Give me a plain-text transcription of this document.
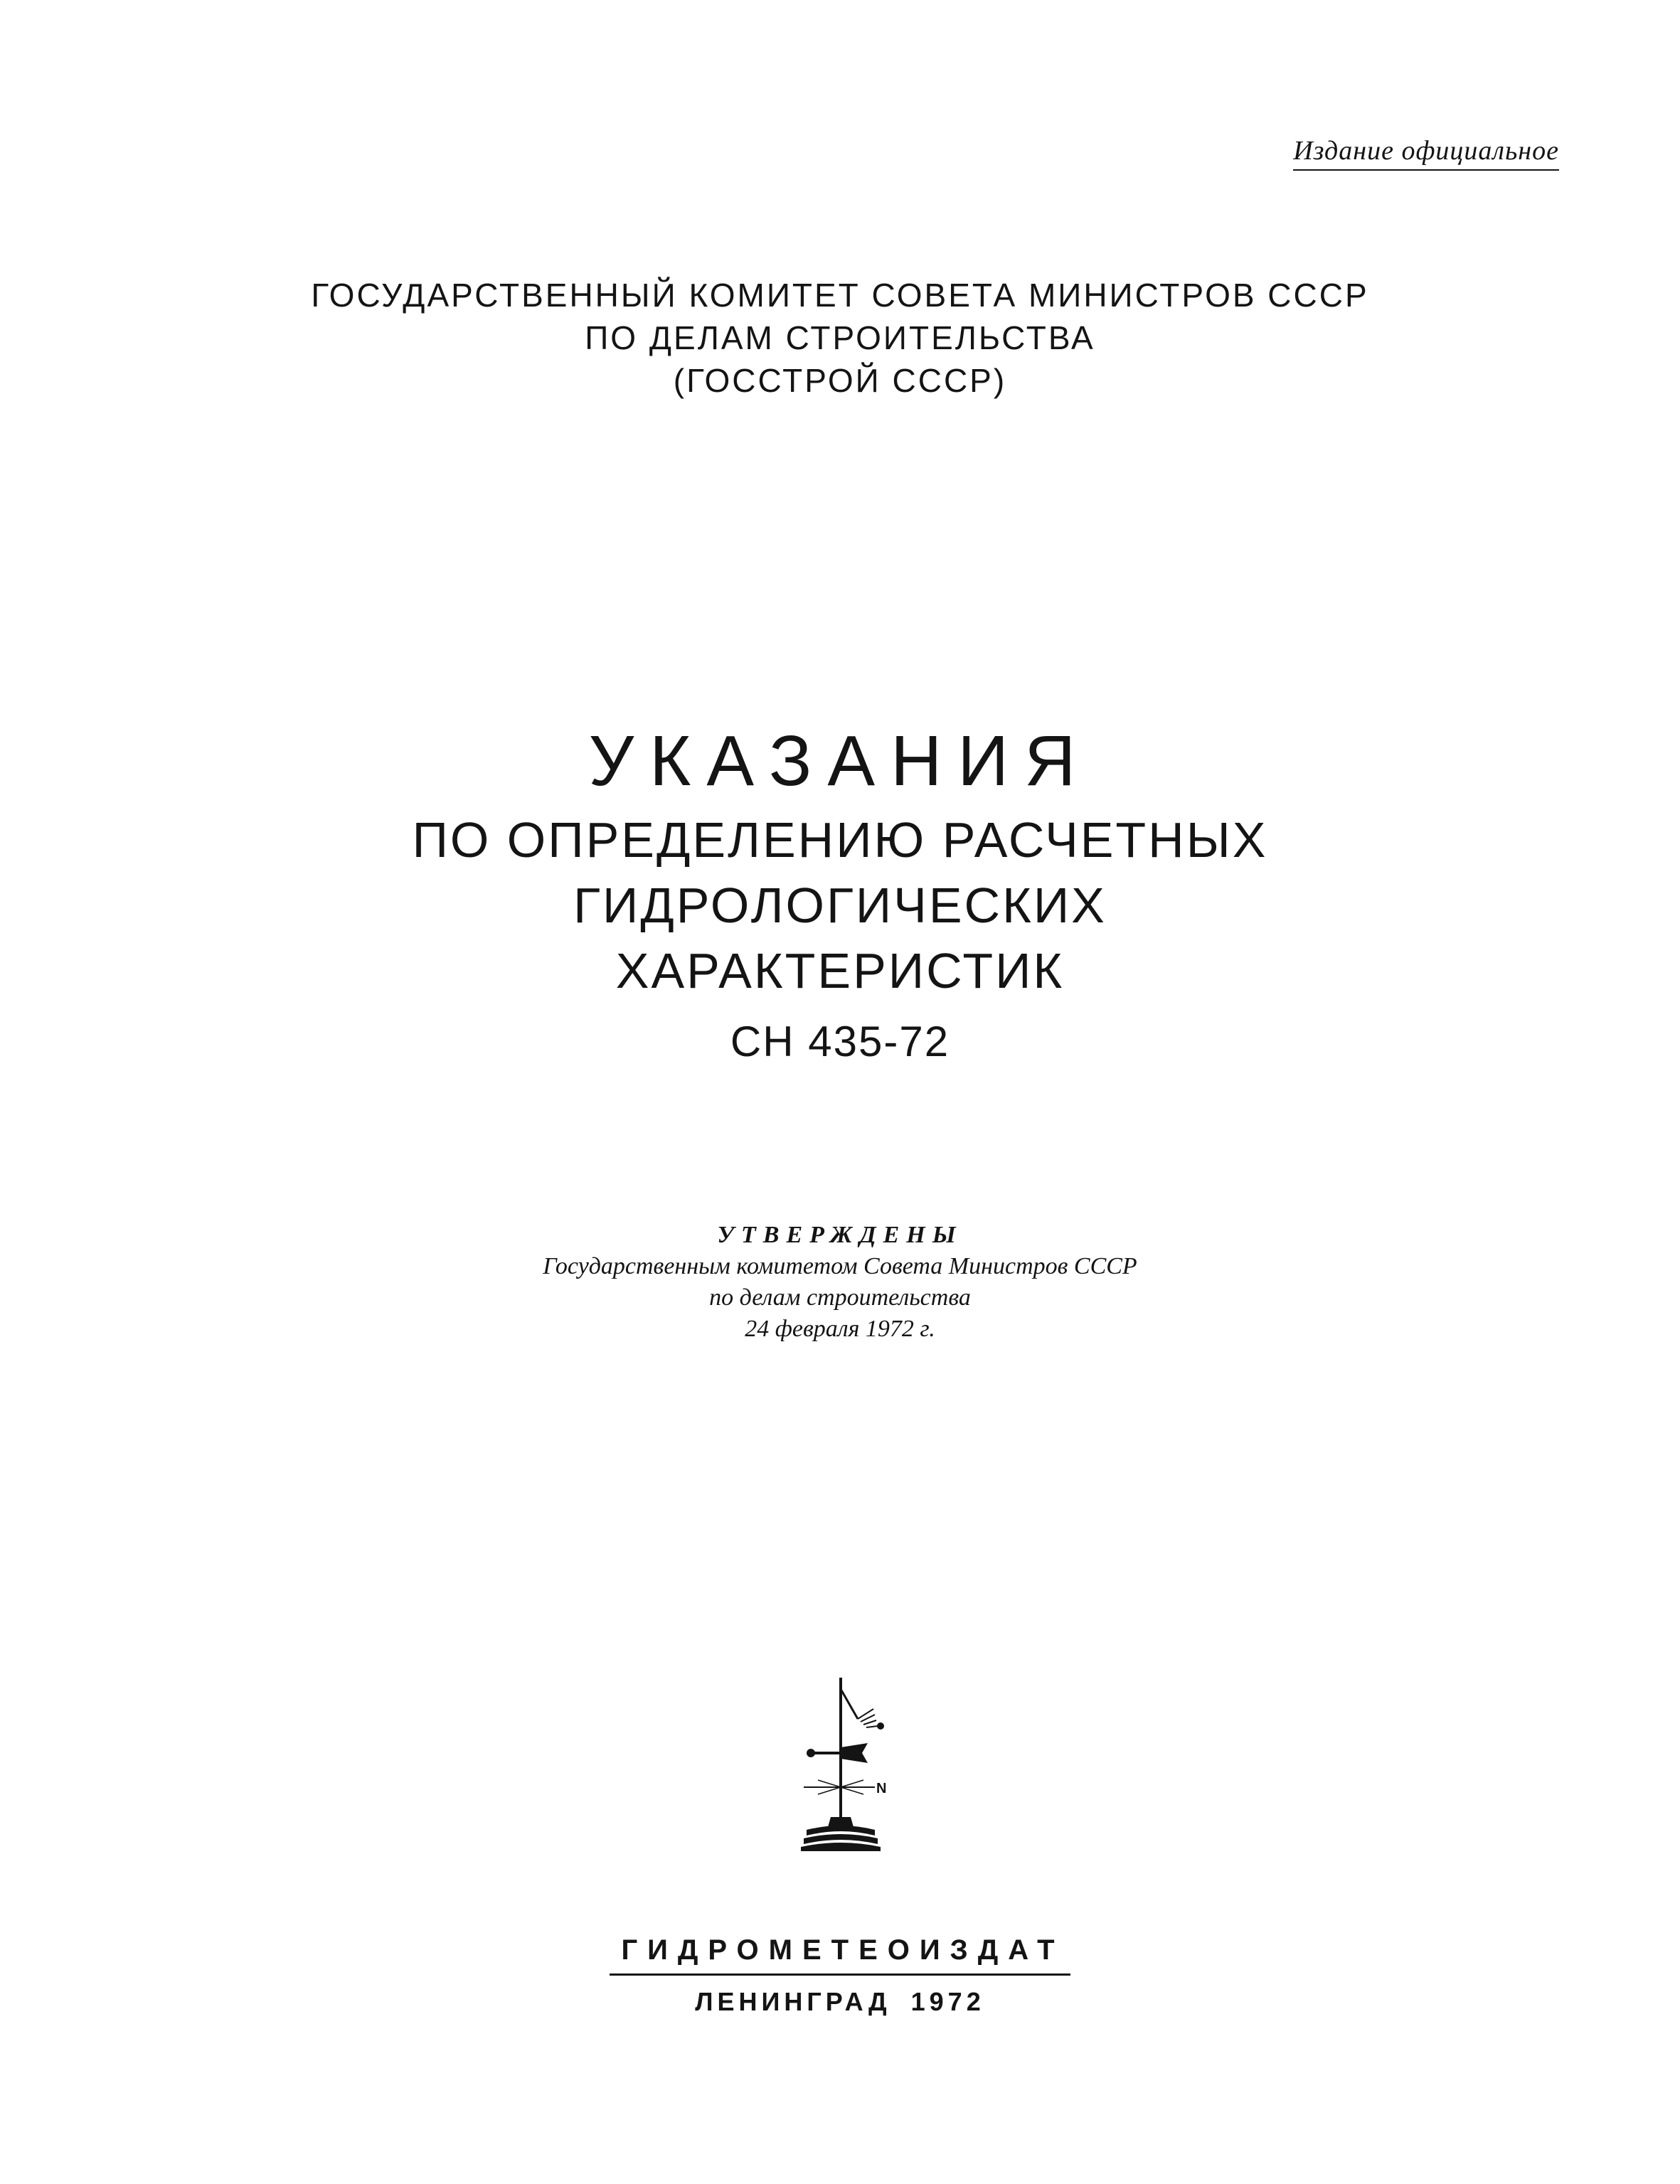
Издание официальное
ГОСУДАРСТВЕННЫЙ КОМИТЕТ СОВЕТА МИНИСТРОВ СССР
ПО ДЕЛАМ СТРОИТЕЛЬСТВА
(ГОССТРОЙ СССР)
УКАЗАНИЯ
ПО ОПРЕДЕЛЕНИЮ РАСЧЕТНЫХ
ГИДРОЛОГИЧЕСКИХ
ХАРАКТЕРИСТИК
СН 435-72
УТВЕРЖДЕНЫ
Государственным комитетом Совета Министров СССР
по делам строительства
24 февраля 1972 г.
N
ГИДРОМЕТЕОИЗДАТ
ЛЕНИНГРАД 1972
